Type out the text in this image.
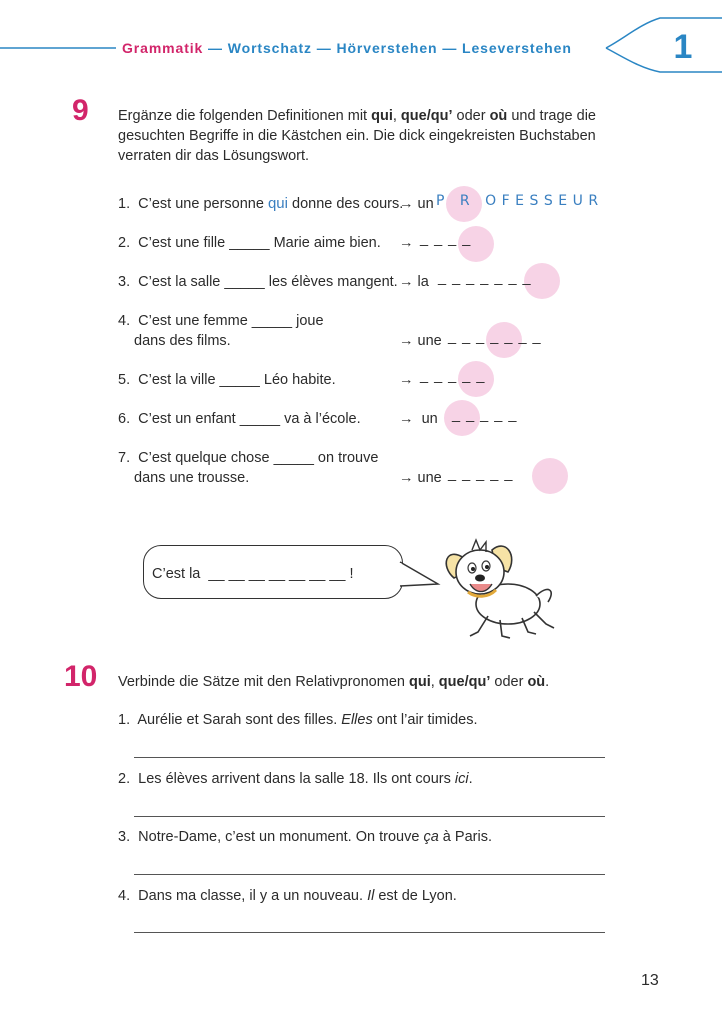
Grammatik — Wortschatz — Hörverstehen — Leseverstehen	1
9 Ergänze die folgenden Definitionen mit qui, que/qu’ oder où und trage die
gesuchten Begriffe in die Kästchen ein. Die dick eingekreisten Buchstaben
verraten dir das Lösungswort.
1. C’est une personne qui donne des cours.
→ un P R OFESSEUR
2. C’est une fille _____ Marie aime bien. → _ _ _ _
3. C’est la salle _____ les élèves mangent. → la _ _ _ _ _ _ _
4. C’est une femme _____ joue
dans des films.	→ une _ _ _ _ _ _ _
5. C’est la ville _____ Léo habite.	→ _ _ _ _ _
6. C’est un enfant _____ va à l’école.	→ un _ _ _ _ _
7. C’est quelque chose _____ on trouve
dans une trousse.	→ une _ _ _ _ _
C’est la __ __ __ __ __ __ __ !
10 Verbinde die Sätze mit den Relativpronomen qui, que/qu’ oder où.
1. Aurélie et Sarah sont des filles. Elles ont l’air timides.
2. Les élèves arrivent dans la salle 18. Ils ont cours ici.
3. Notre-Dame, c’est un monument. On trouve ça à Paris.
4. Dans ma classe, il y a un nouveau. Il est de Lyon.
13
